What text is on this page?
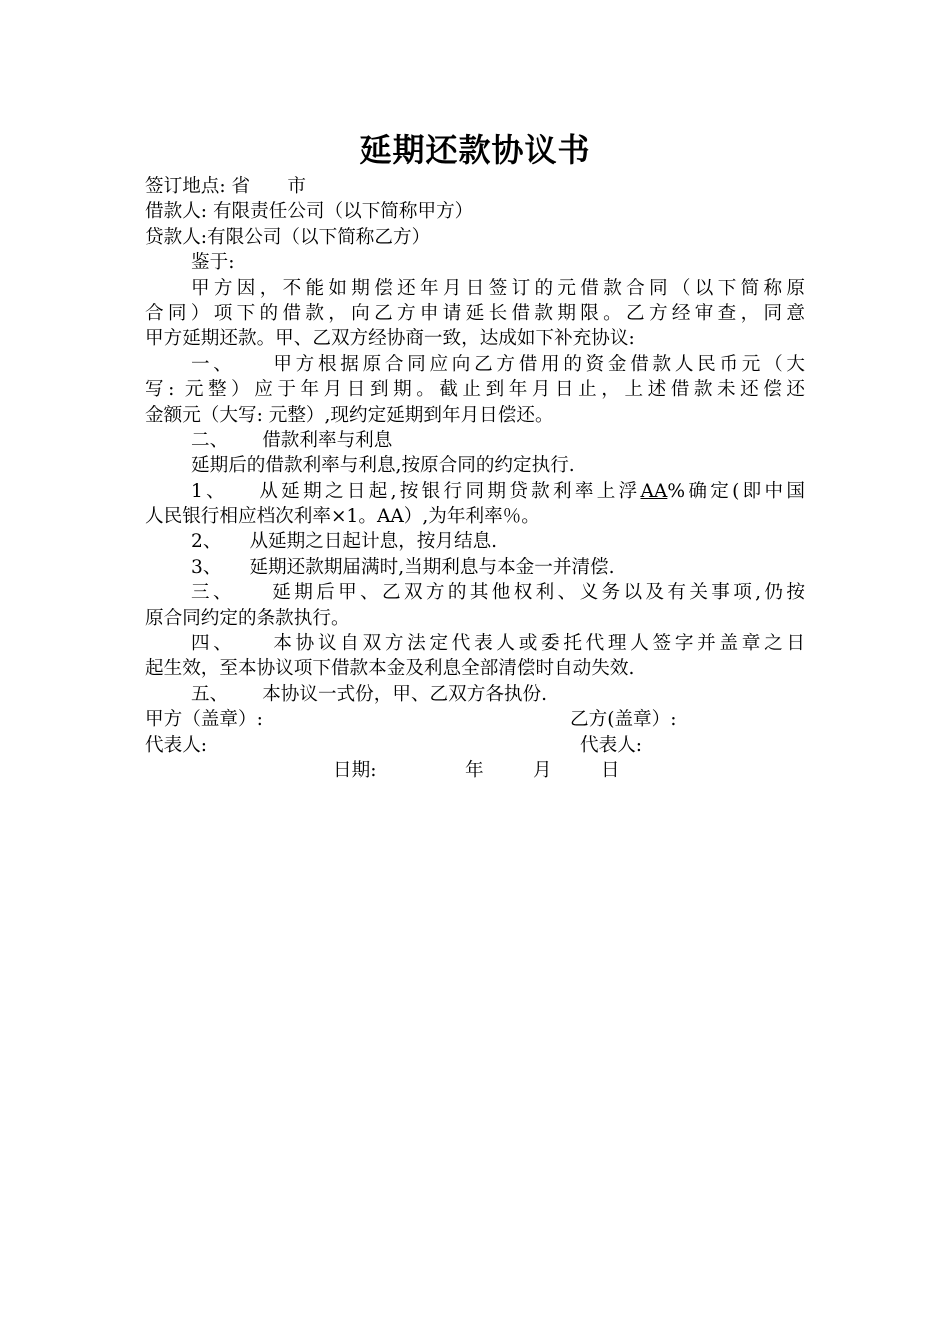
延期还款协议书
签订地点: 省　　市
借款人: 有限责任公司（以下简称甲方）
贷款人:有限公司（以下简称乙方）
鉴于:
甲方因，不能如期偿还年月日签订的元借款合同（以下简称原
合同）项下的借款，向乙方申请延长借款期限。乙方经审查，同意
甲方延期还款。甲、乙双方经协商一致，达成如下补充协议:
一、 甲方根据原合同应向乙方借用的资金借款人民币元（大
写: 元整）应于年月日到期。截止到年月日止，上述借款未还偿还
金额元（大写: 元整）,现约定延期到年月日偿还。
二、 借款利率与利息
延期后的借款利率与利息,按原合同的约定执行.
1、 从延期之日起,按银行同期贷款利率上浮AA%确定(即中国
人民银行相应档次利率×1。AA）,为年利率％。
2、 从延期之日起计息，按月结息.
3、 延期还款期届满时,当期利息与本金一并清偿.
三、 延期后甲、乙双方的其他权利、义务以及有关事项,仍按
原合同约定的条款执行。
四、 本协议自双方法定代表人或委托代理人签字并盖章之日
起生效，至本协议项下借款本金及利息全部清偿时自动失效.
五、 本协议一式份，甲、乙双方各执份.
甲方（盖章）:	乙方(盖章）:
代表人:	代表人:
日期:	年	月	日
